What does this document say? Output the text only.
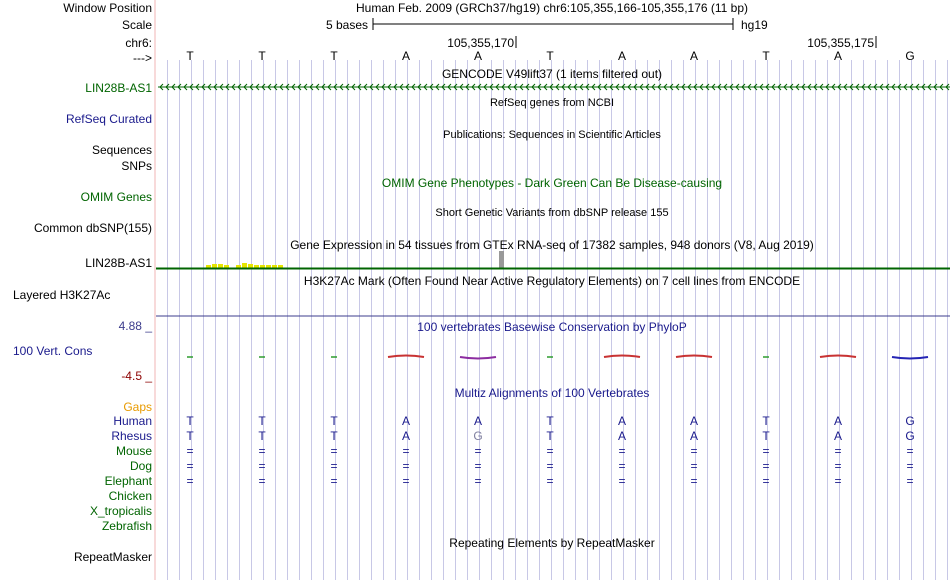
Window Position
Scale
chr6:
--->
Human Feb. 2009 (GRCh37/hg19) chr6:105,355,166-105,355,176 (11 bp)
5 bases	hg19
105,355,170	105,355,175
T	T	T	A	A	T	A	A	T	A	G
GENCODE V49lift37 (1 items filtered out)
LIN28B-AS1
RefSeq genes from NCBI
RefSeq Curated
Publications: Sequences in Scientific Articles
Sequences
SNPs
OMIM Gene Phenotypes - Dark Green Can Be Disease-causing
OMIM Genes
Short Genetic Variants from dbSNP release 155
Common dbSNP(155)
Gene Expression in 54 tissues from GTEx RNA-seq of 17382 samples, 948 donors (V8, Aug 2019)
LIN28B-AS1
H3K27Ac Mark (Often Found Near Active Regulatory Elements) on 7 cell lines from ENCODE
Layered H3K27Ac
4.88 _	100 vertebrates Basewise Conservation by PhyloP
100 Vert. Cons
-4.5 _
Multiz Alignments of 100 Vertebrates
Gaps
Human	T	T	T	A	A	T	A	A	T	A	G
Rhesus	T	T	T	A	G	T	A	A	T	A	G
Mouse	=	=	=	=	=	=	=	=	=	=	=
Dog	=	=	=	=	=	=	=	=	=	=	=
Elephant	=	=	=	=	=	=	=	=	=	=	=
Chicken
X_tropicalis
Zebrafish
Repeating Elements by RepeatMasker
RepeatMasker
